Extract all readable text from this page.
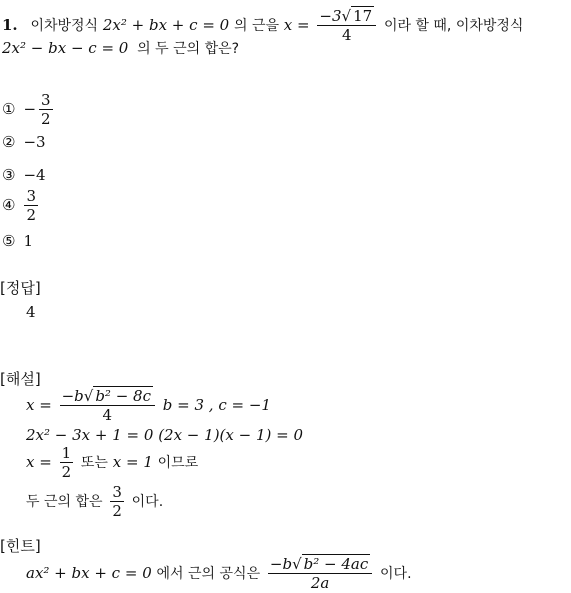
1. 이차방정식 2x² + bx + c = 0 의 근을 $x = \frac{-3√ 17}{4}$ 이라 할 때, 이차방정식
2x² − bx − c = 0 의 두 근의 합은?
① − $\frac{3}{2}$
② −3
③ −4
④ $\frac{3}{2}$
⑤ 1
[정답]
4
[해설]
$x = \frac{\text{−b√ b² − 8c}}{4}$ b = 3 , c = −1
2x² − 3x + 1 = 0 (2x − 1)(x − 1) = 0
$x = \frac{1}{2}$ 또는 x = 1 이므로
두 근의 합은 $\frac{3}{2}$ 이다.
[힌트]
ax² + bx + c = 0 에서 근의 공식은 $\frac{\text{−b√ b² − 4ac}}{2a}$ 이다.
